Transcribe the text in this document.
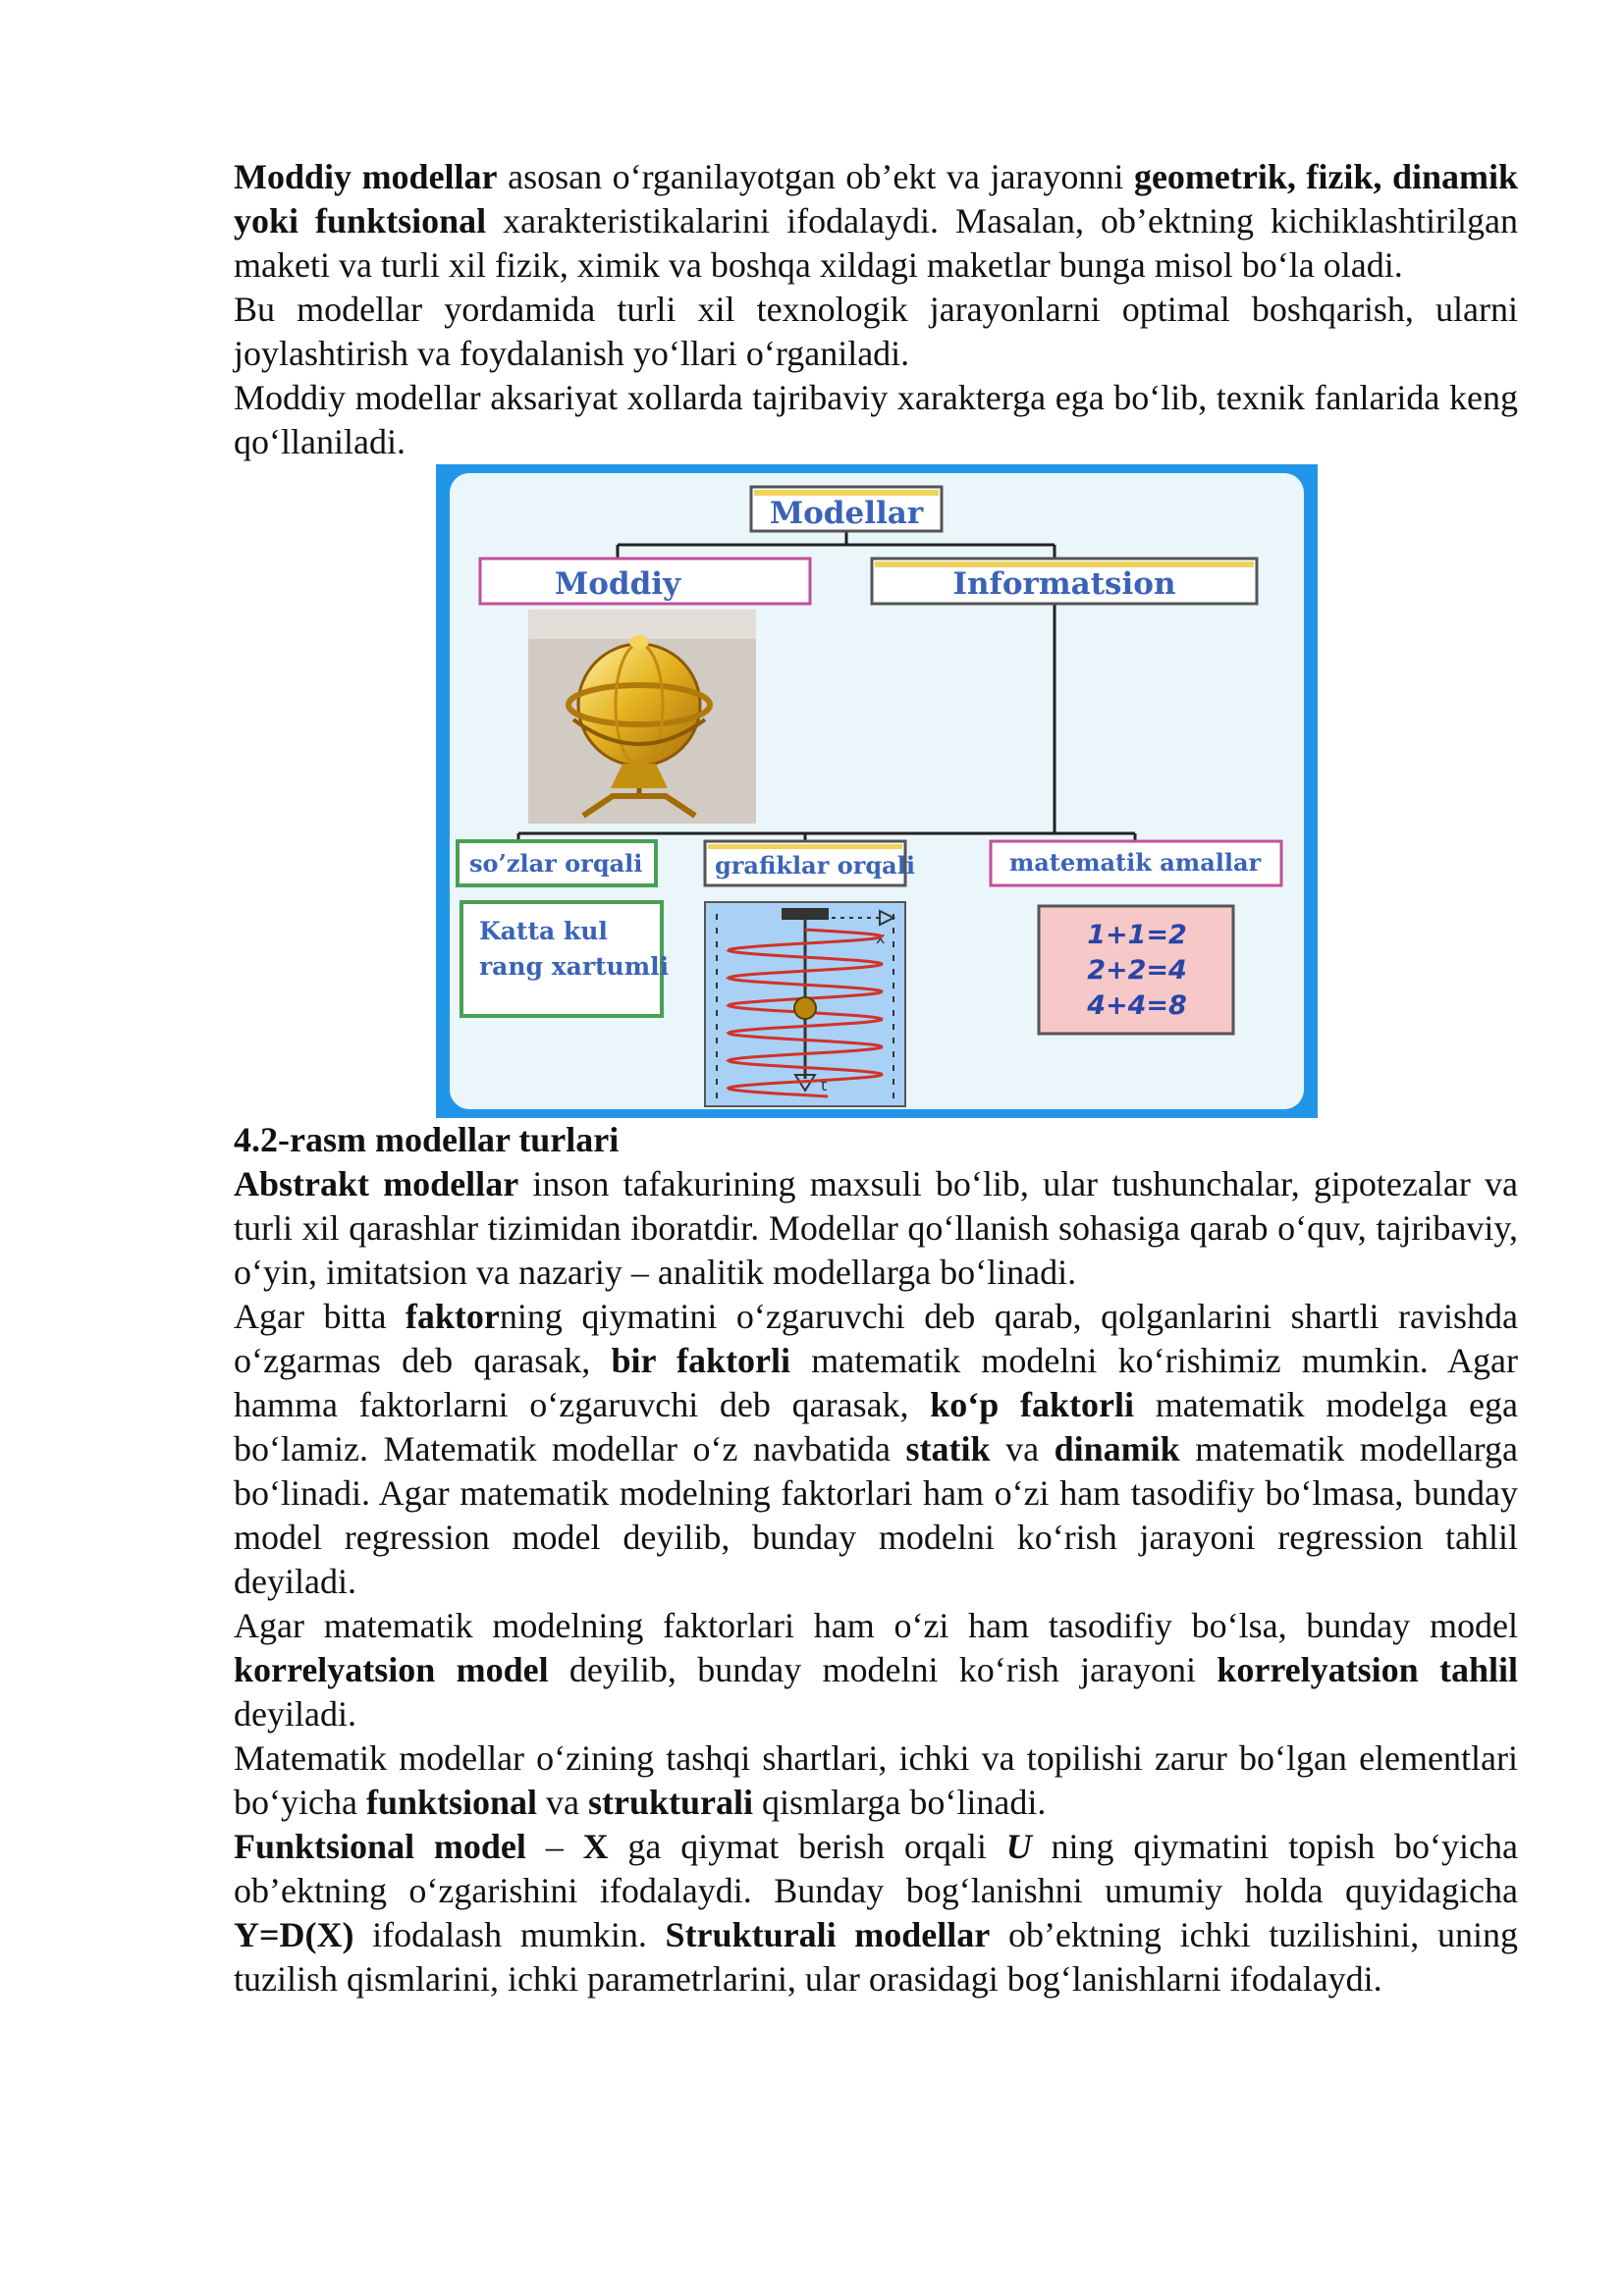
Moddiy modellar asosan o‘rganilayotgan ob’ekt va jarayonni geometrik, fizik, dinamik yoki funktsional xarakteristikalarini ifodalaydi. Masalan, ob’ektning kichiklashtirilgan maketi va turli xil fizik, ximik va boshqa xildagi maketlar bunga misol bo‘la oladi.

Bu modellar yordamida turli xil texnologik jarayonlarni optimal boshqarish, ularni joylashtirish va foydalanish yo‘llari o‘rganiladi.

Moddiy modellar aksariyat xollarda tajribaviy xarakterga ega bo‘lib, texnik fanlarida keng qo‘llaniladi.

Modellar
Moddiy	Informatsion
so’zlar orqali	grafiklar orqali	matematik amallar
Katta kul
rang xartumli
x
t
1+1=2
2+2=4
4+4=8

4.2-rasm modellar turlari

Abstrakt modellar inson tafakurining maxsuli bo‘lib, ular tushunchalar, gipotezalar va turli xil qarashlar tizimidan iboratdir. Modellar qo‘llanish sohasiga qarab o‘quv, tajribaviy, o‘yin, imitatsion va nazariy – analitik modellarga bo‘linadi.

Agar bitta faktorning qiymatini o‘zgaruvchi deb qarab, qolganlarini shartli ravishda o‘zgarmas deb qarasak, bir faktorli matematik modelni ko‘rishimiz mumkin. Agar hamma faktorlarni o‘zgaruvchi deb qarasak, ko‘p faktorli matematik modelga ega bo‘lamiz. Matematik modellar o‘z navbatida statik va dinamik matematik modellarga bo‘linadi. Agar matematik modelning faktorlari ham o‘zi ham tasodifiy bo‘lmasa, bunday model regression model deyilib, bunday modelni ko‘rish jarayoni regression tahlil deyiladi.

Agar matematik modelning faktorlari ham o‘zi ham tasodifiy bo‘lsa, bunday model korrelyatsion model deyilib, bunday modelni ko‘rish jarayoni korrelyatsion tahlil deyiladi.

Matematik modellar o‘zining tashqi shartlari, ichki va topilishi zarur bo‘lgan elementlari bo‘yicha funktsional va strukturali qismlarga bo‘linadi.

Funktsional model – X ga qiymat berish orqali U ning qiymatini topish bo‘yicha ob’ektning o‘zgarishini ifodalaydi. Bunday bog‘lanishni umumiy holda quyidagicha Y=D(X) ifodalash mumkin. Strukturali modellar ob’ektning ichki tuzilishini, uning tuzilish qismlarini, ichki parametrlarini, ular orasidagi bog‘lanishlarni ifodalaydi.
